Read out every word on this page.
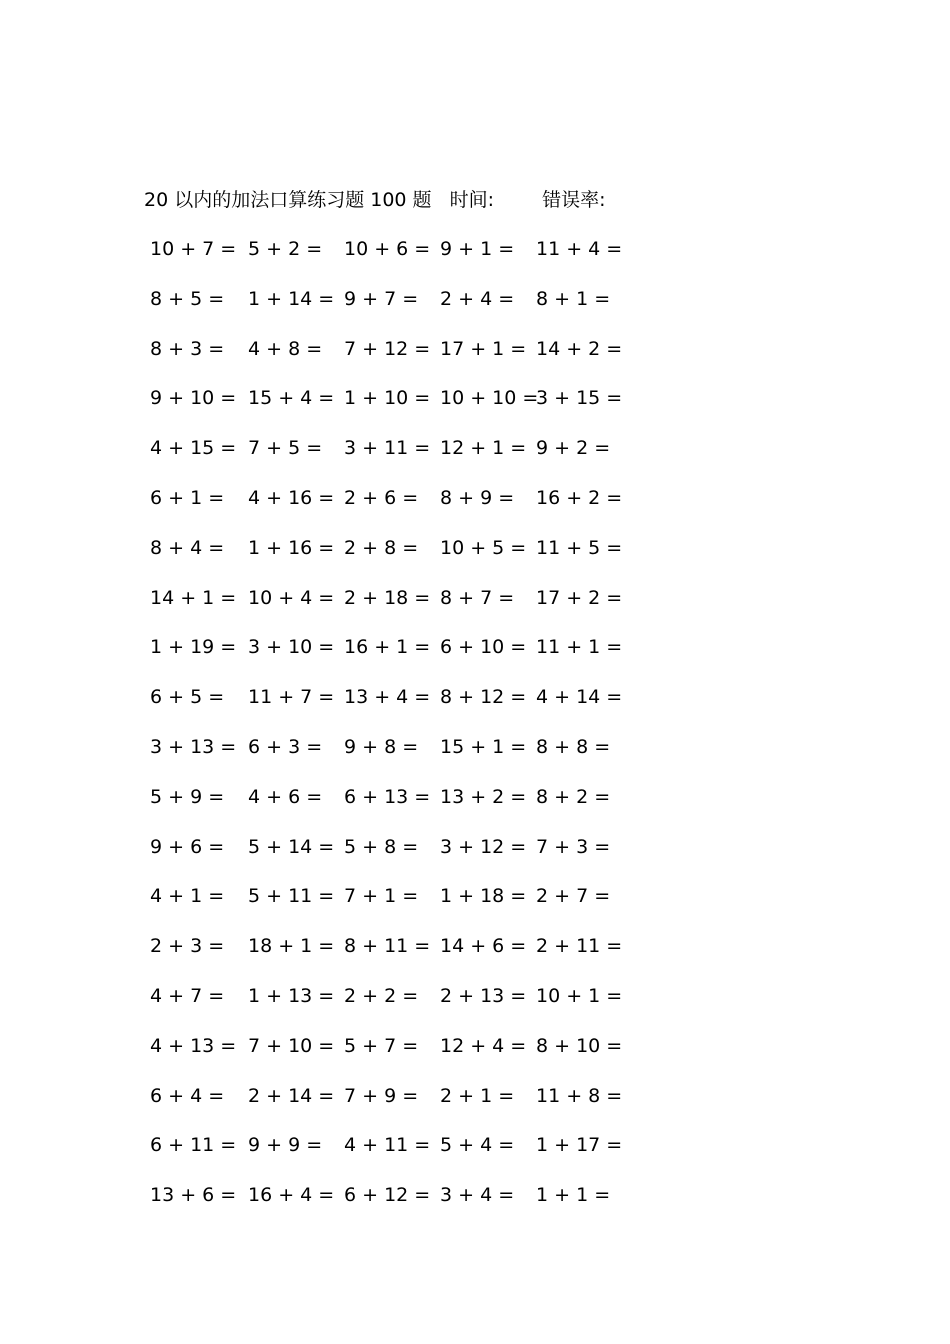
20 以内的加法口算练习题 100 题 时间:	错误率:
10 + 7 = 5 + 2 = 10 + 6 = 9 + 1 = 11 + 4 =
8 + 5 = 1 + 14 = 9 + 7 = 2 + 4 = 8 + 1 =
8 + 3 = 4 + 8 = 7 + 12 = 17 + 1 = 14 + 2 =
9 + 10 = 15 + 4 = 1 + 10 = 10 + 10 =
3 + 15 =
4 + 15 = 7 + 5 = 3 + 11 = 12 + 1 = 9 + 2 =
6 + 1 = 4 + 16 = 2 + 6 = 8 + 9 = 16 + 2 =
8 + 4 = 1 + 16 = 2 + 8 = 10 + 5 = 11 + 5 =
14 + 1 = 10 + 4 = 2 + 18 = 8 + 7 = 17 + 2 =
1 + 19 = 3 + 10 = 16 + 1 = 6 + 10 = 11 + 1 =
6 + 5 = 11 + 7 = 13 + 4 = 8 + 12 = 4 + 14 =
3 + 13 = 6 + 3 = 9 + 8 = 15 + 1 = 8 + 8 =
5 + 9 = 4 + 6 = 6 + 13 = 13 + 2 = 8 + 2 =
9 + 6 = 5 + 14 = 5 + 8 = 3 + 12 = 7 + 3 =
4 + 1 = 5 + 11 = 7 + 1 = 1 + 18 = 2 + 7 =
2 + 3 = 18 + 1 = 8 + 11 = 14 + 6 = 2 + 11 =
4 + 7 = 1 + 13 = 2 + 2 = 2 + 13 = 10 + 1 =
4 + 13 = 7 + 10 = 5 + 7 = 12 + 4 = 8 + 10 =
6 + 4 = 2 + 14 = 7 + 9 = 2 + 1 = 11 + 8 =
6 + 11 = 9 + 9 = 4 + 11 = 5 + 4 = 1 + 17 =
13 + 6 = 16 + 4 = 6 + 12 = 3 + 4 = 1 + 1 =
